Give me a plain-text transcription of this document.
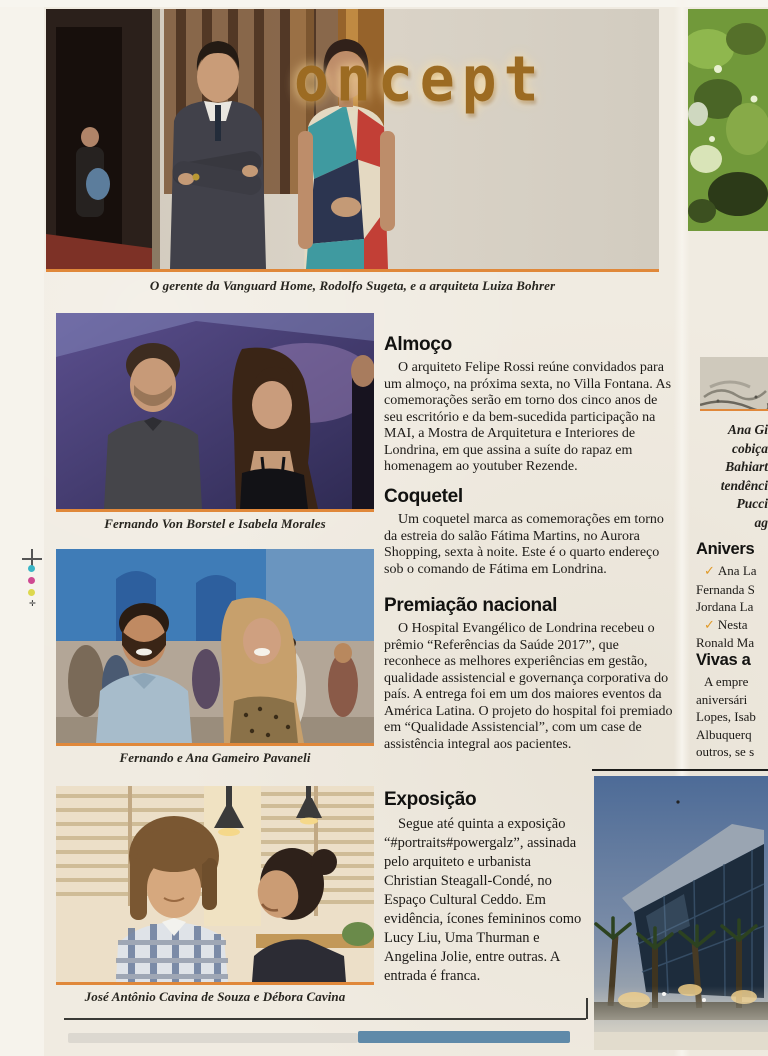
oncept
O gerente da Vanguard Home, Rodolfo Sugeta, e a arquiteta Luiza Bohrer
Fernando Von Borstel e Isabela Morales
Fernando e Ana Gameiro Pavaneli
José Antônio Cavina de Souza e Débora Cavina
Almoço

O arquiteto Felipe Rossi reúne convidados para um almoço, na próxima sexta, no Villa Fontana. As comemorações serão em torno dos cinco anos de seu escritório e da bem-sucedida participação na MAI, a Mostra de Arquitetura e Interiores de Londrina, em que assina a suíte do rapaz em homenagem ao youtuber Rezende.

Coquetel

Um coquetel marca as comemorações em torno da estreia do salão Fátima Martins, no Aurora Shopping, sexta à noite. Este é o quarto endereço sob o comando de Fátima em Londrina.

Premiação nacional

O Hospital Evangélico de Londrina recebeu o prêmio “Referências da Saúde 2017”, que reconhece as melhores experiências em gestão, qualidade assistencial e governança corporativa do país. A entrega foi em um dos maiores eventos da América Latina. O projeto do hospital foi premiado em “Qualidade Assistencial”, com um case de assistência integral aos pacientes.

Exposição

Segue até quinta a exposição “#portraits#powergalz”, assinada pelo arquiteto e urbanista Christian Steagall-Condé, no Espaço Cultural Ceddo. Em evidência, ícones femininos como Lucy Liu, Uma Thurman e Angelina Jolie, entre outras. A entrada é franca.

Ana Gi
cobiça
Bahiart
tendênci
Pucci
ag
Anivers
✓ Ana La
Fernanda S
Jordana La
✓ Nesta
Ronald Ma
Vivas a
A empre
aniversári
Lopes, Isab
Albuquerq
outros, se s
✛
